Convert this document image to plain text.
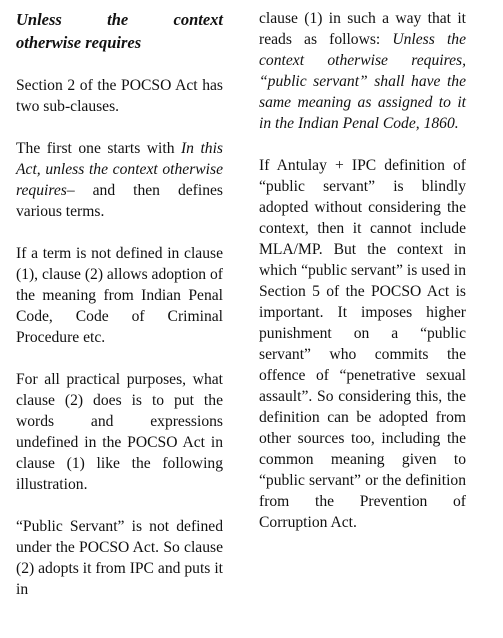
Unless the context
otherwise requires

Section 2 of the POCSO Act has two sub-clauses.

The first one starts with In this Act, unless the context otherwise requires– and then defines various terms.

If a term is not defined in clause (1), clause (2) allows adoption of the meaning from Indian Penal Code, Code of Criminal Procedure etc.

For all practical purposes, what clause (2) does is to put the words and expressions undefined in the POCSO Act in clause (1) like the following illustration.

“Public Servant” is not defined under the POCSO Act. So clause (2) adopts it from IPC and puts it in

clause (1) in such a way that it reads as follows: Unless the context otherwise requires, “public servant” shall have the same meaning as assigned to it in the Indian Penal Code, 1860.

If Antulay + IPC definition of “public servant” is blindly adopted without considering the context, then it cannot include MLA/MP. But the context in which “public servant” is used in Section 5 of the POCSO Act is important. It imposes higher punishment on a “public servant” who commits the offence of “penetrative sexual assault”. So considering this, the definition can be adopted from other sources too, including the common meaning given to “public servant” or the definition from the Prevention of Corruption Act.
